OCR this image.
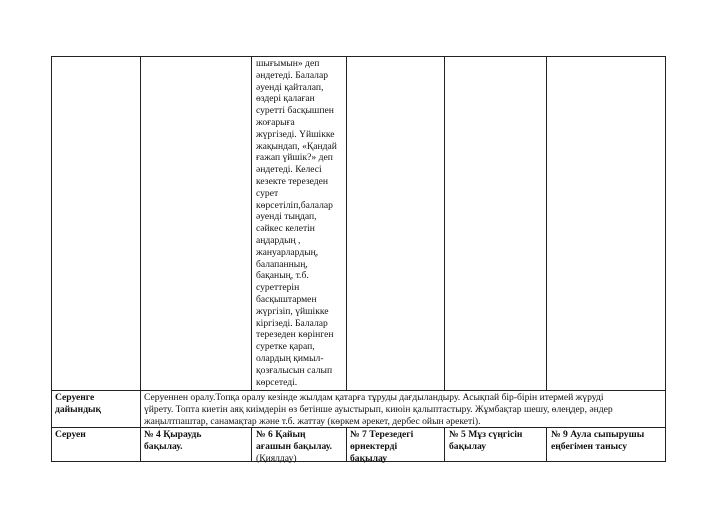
шығымын» деп
әндетеді. Балалар
әуенді қайталап,
өздері қалаған
суретті басқышпен
жоғарыға
жүргізеді. Үйшікке
жақындап, «Қандай
ғажап үйшік?» деп
әндетеді. Келесі
кезекте терезеден
сурет
көрсетіліп,балалар
әуенді тыңдап,
сәйкес келетін
аңдардың ,
жануарлардың,
балапанның,
бақаның, т.б.
суреттерін
басқыштармен
жүргізіп, үйшікке
кіргізеді. Балалар
терезеден көрінген
суретке қарап,
олардың қимыл-
қозғалысын салып
көрсетеді.
Серуенге
дайындық
Серуеннен оралу.Топқа оралу кезінде жылдам қатарға тұруды дағдыландыру. Асықпай бір-бірін итермей жүруді
үйрету. Топта киетін аяқ киімдерін өз бетінше ауыстырып, киюін қалыптастыру. Жұмбақтар шешу, өлеңдер, әндер
жаңылтпаштар, санамақтар және т.б. жаттау (көркем әрекет, дербес ойын әрекеті).
Серуен	№ 4 Қыраудь
бақылау.
№ 6 Қайың
ағашын бақылау.
(Қиялдау)
№ 7 Терезедегі
өрнектерді
бақылау
№ 5 Мұз сүңгісін
бақылау
№ 9 Аула сыпырушы
еңбегімен танысу
